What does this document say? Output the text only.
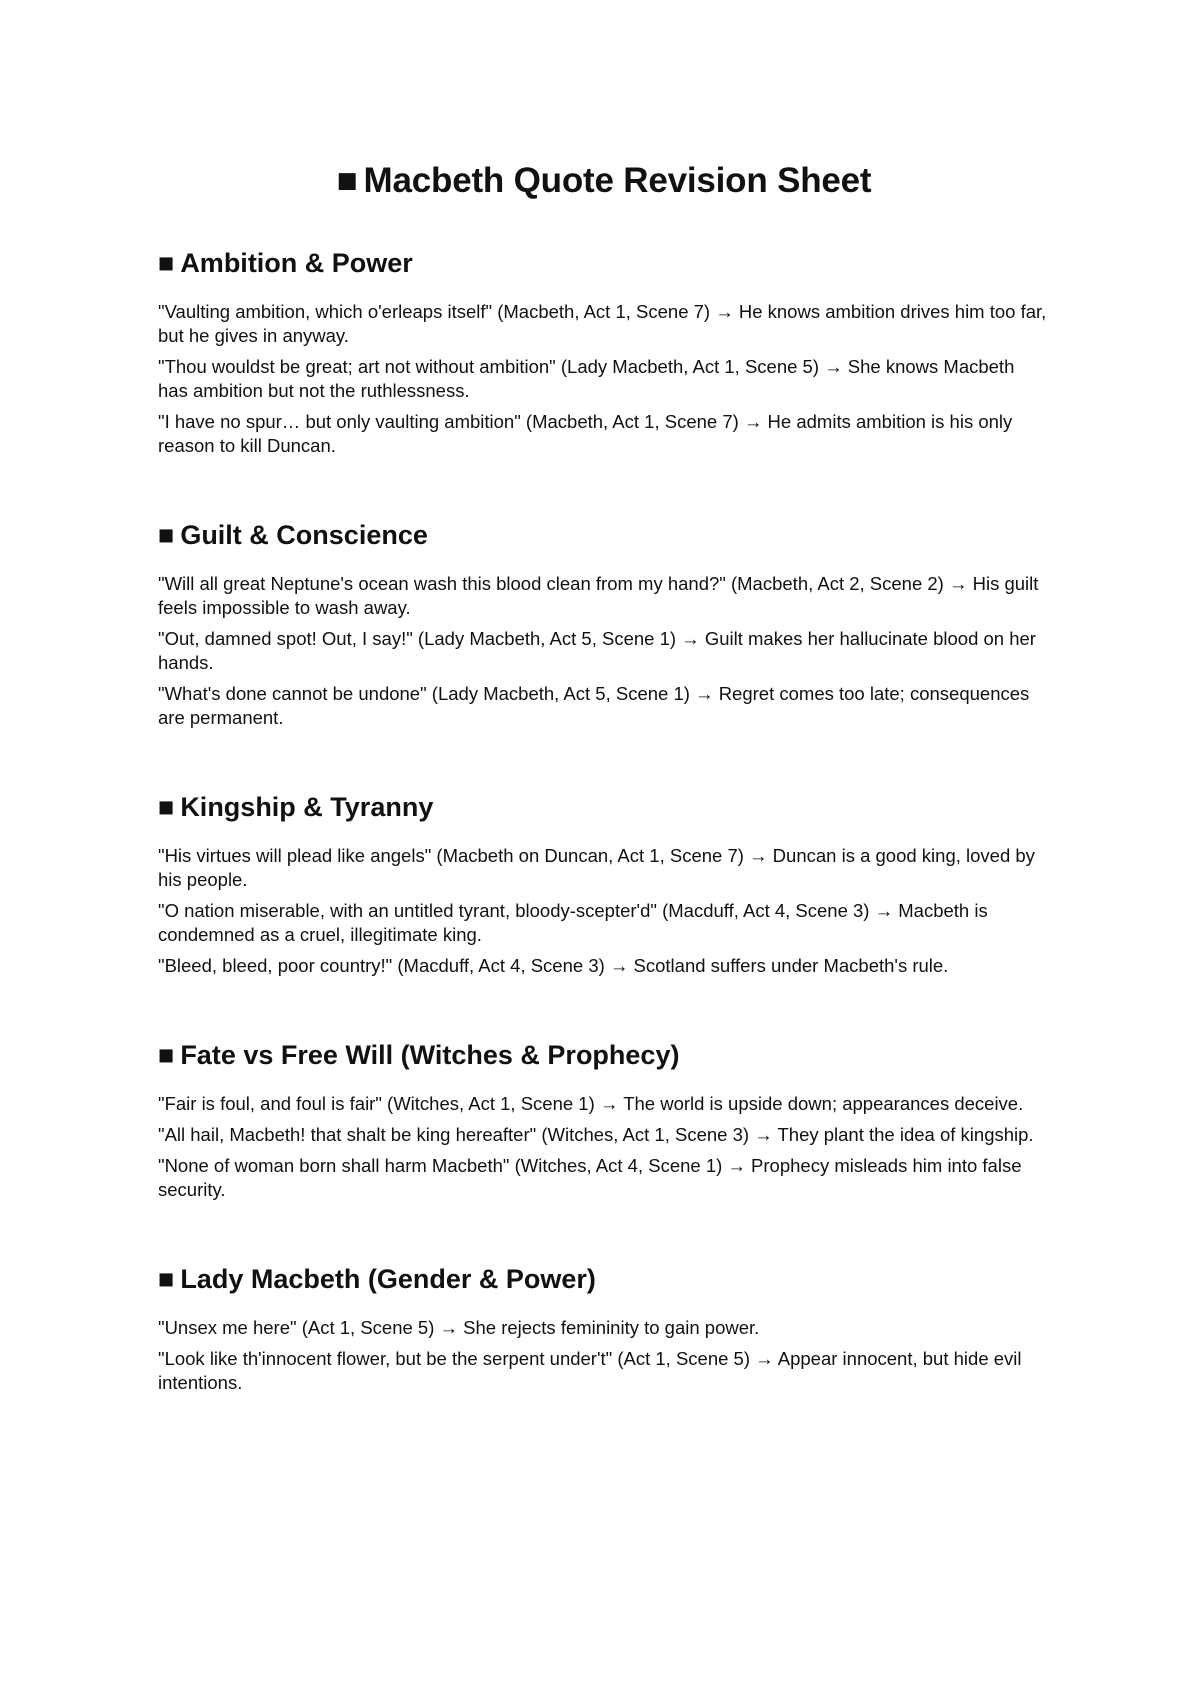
■ Macbeth Quote Revision Sheet
■ Ambition & Power

"Vaulting ambition, which o'erleaps itself" (Macbeth, Act 1, Scene 7) → He knows ambition drives him too far, but he gives in anyway.

"Thou wouldst be great; art not without ambition" (Lady Macbeth, Act 1, Scene 5) → She knows Macbeth has ambition but not the ruthlessness.

"I have no spur… but only vaulting ambition" (Macbeth, Act 1, Scene 7) → He admits ambition is his only reason to kill Duncan.

■ Guilt & Conscience

"Will all great Neptune's ocean wash this blood clean from my hand?" (Macbeth, Act 2, Scene 2) → His guilt feels impossible to wash away.

"Out, damned spot! Out, I say!" (Lady Macbeth, Act 5, Scene 1) → Guilt makes her hallucinate blood on her hands.

"What's done cannot be undone" (Lady Macbeth, Act 5, Scene 1) → Regret comes too late; consequences are permanent.

■ Kingship & Tyranny

"His virtues will plead like angels" (Macbeth on Duncan, Act 1, Scene 7) → Duncan is a good king, loved by his people.

"O nation miserable, with an untitled tyrant, bloody-scepter'd" (Macduff, Act 4, Scene 3) → Macbeth is condemned as a cruel, illegitimate king.

"Bleed, bleed, poor country!" (Macduff, Act 4, Scene 3) → Scotland suffers under Macbeth's rule.

■ Fate vs Free Will (Witches & Prophecy)

"Fair is foul, and foul is fair" (Witches, Act 1, Scene 1) → The world is upside down; appearances deceive.

"All hail, Macbeth! that shalt be king hereafter" (Witches, Act 1, Scene 3) → They plant the idea of kingship.

"None of woman born shall harm Macbeth" (Witches, Act 4, Scene 1) → Prophecy misleads him into false security.

■ Lady Macbeth (Gender & Power)

"Unsex me here" (Act 1, Scene 5) → She rejects femininity to gain power.

"Look like th'innocent flower, but be the serpent under't" (Act 1, Scene 5) → Appear innocent, but hide evil intentions.
